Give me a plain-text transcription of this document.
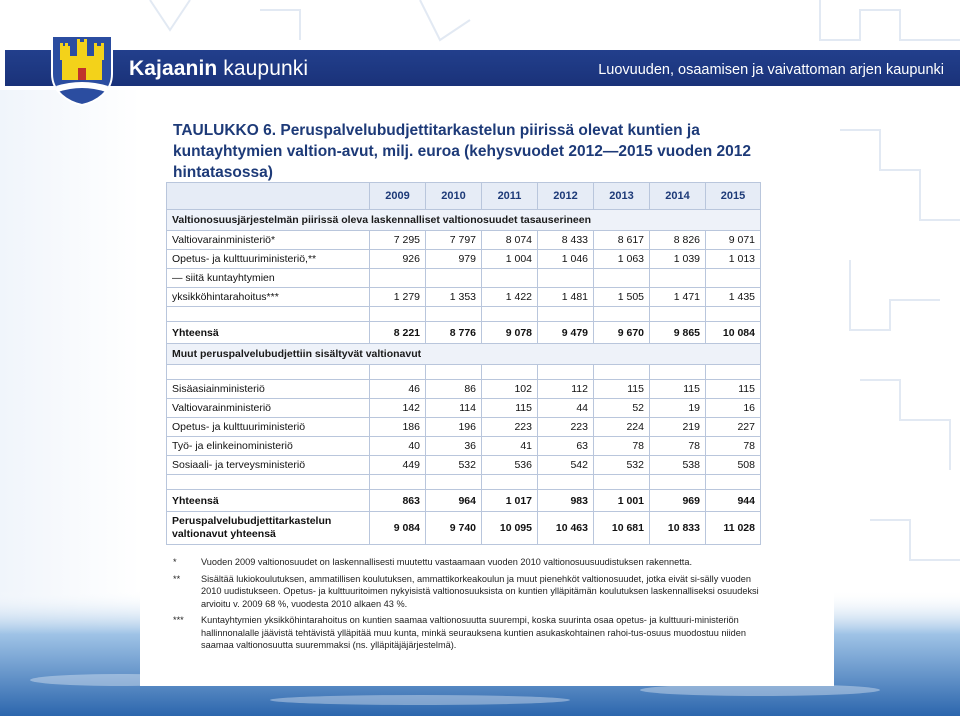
Kajaanin kaupunki	Luovuuden, osaamisen ja vaivattoman arjen kaupunki
TAULUKKO 6. Peruspalvelubudjettitarkastelun piirissä olevat kuntien ja kuntayhtymien valtion-avut, milj. euroa (kehysvuodet 2012—2015 vuoden 2012 hintatasossa)
	2009	2010	2011	2012	2013	2014	2015
Valtionosuusjärjestelmän piirissä oleva laskennalliset valtionosuudet tasauserineen							
Valtiovarainministeriö*	7 295	7 797	8 074	8 433	8 617	8 826	9 071
Opetus- ja kulttuuriministeriö,**	926	979	1 004	1 046	1 063	1 039	1 013
— siitä kuntayhtymien							
yksikköhintarahoitus***	1 279	1 353	1 422	1 481	1 505	1 471	1 435

Yhteensä	8 221	8 776	9 078	9 479	9 670	9 865	10 084
Muut peruspalvelubudjettiin sisältyvät valtionavut							

Sisäasiainministeriö	46	86	102	112	115	115	115
Valtiovarainministeriö	142	114	115	44	52	19	16
Opetus- ja kulttuuriministeriö	186	196	223	223	224	219	227
Työ- ja elinkeinoministeriö	40	36	41	63	78	78	78
Sosiaali- ja terveysministeriö	449	532	536	542	532	538	508

Yhteensä	863	964	1 017	983	1 001	969	944
Peruspalvelubudjettitarkastelun valtionavut yhteensä	9 084	9 740	10 095	10 463	10 681	10 833	11 028
*	Vuoden 2009 valtionosuudet on laskennallisesti muutettu vastaamaan vuoden 2010 valtionosuusuudistuksen rakennetta.
**	Sisältää lukiokoulutuksen, ammatillisen koulutuksen, ammattikorkeakoulun ja muut pienehköt valtionosuudet, jotka eivät si-sälly vuoden 2010 uudistukseen. Opetus- ja kulttuuritoimen nykyisistä valtionosuuksista on kuntien ylläpitämän koulutuksen laskennalliseksi osuudeksi arvioitu v. 2009 68 %, vuodesta 2010 alkaen 43 %.
***	Kuntayhtymien yksikköhintarahoitus on kuntien saamaa valtionosuutta suurempi, koska suurinta osaa opetus- ja kulttuuri-ministeriön hallinnonalalle jäävistä tehtävistä ylläpitää muu kunta, minkä seurauksena kuntien asukaskohtainen rahoi-tus-osuus muodostuu niiden saamaa valtionosuutta suuremmaksi (ns. ylläpitäjäjärjestelmä).
